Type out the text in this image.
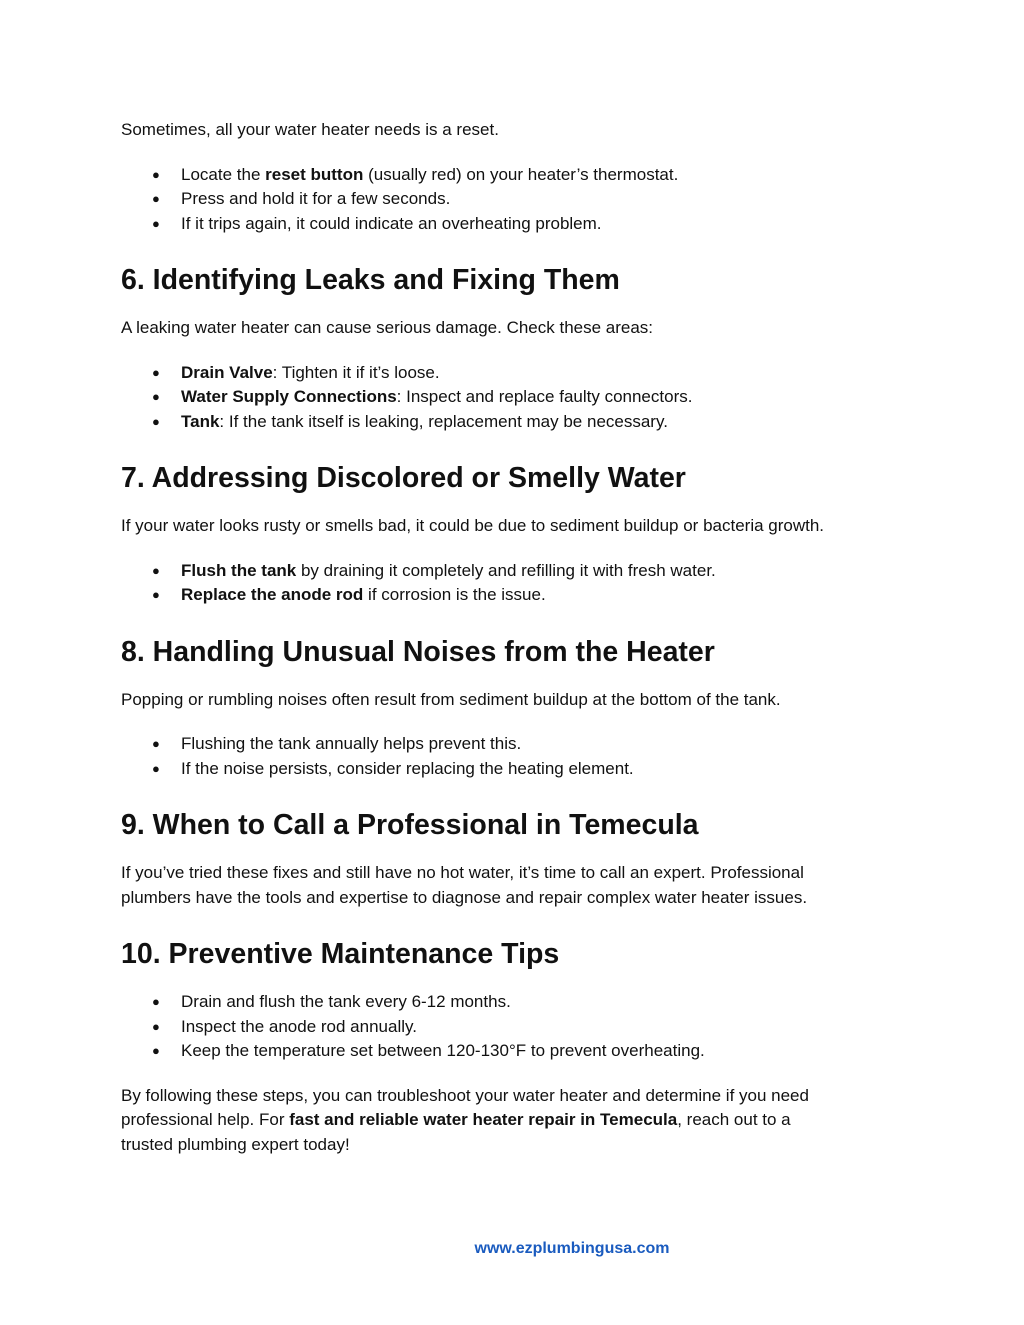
Sometimes, all your water heater needs is a reset.

● Locate the reset button (usually red) on your heater’s thermostat.
● Press and hold it for a few seconds.
● If it trips again, it could indicate an overheating problem.
6. Identifying Leaks and Fixing Them

A leaking water heater can cause serious damage. Check these areas:

● Drain Valve: Tighten it if it’s loose.
● Water Supply Connections: Inspect and replace faulty connectors.
● Tank: If the tank itself is leaking, replacement may be necessary.
7. Addressing Discolored or Smelly Water

If your water looks rusty or smells bad, it could be due to sediment buildup or bacteria growth.

● Flush the tank by draining it completely and refilling it with fresh water.
● Replace the anode rod if corrosion is the issue.
8. Handling Unusual Noises from the Heater

Popping or rumbling noises often result from sediment buildup at the bottom of the tank.

● Flushing the tank annually helps prevent this.
● If the noise persists, consider replacing the heating element.
9. When to Call a Professional in Temecula

If you’ve tried these fixes and still have no hot water, it’s time to call an expert. Professional
plumbers have the tools and expertise to diagnose and repair complex water heater issues.

10. Preventive Maintenance Tips
● Drain and flush the tank every 6-12 months.
● Inspect the anode rod annually.
● Keep the temperature set between 120-130°F to prevent overheating.

By following these steps, you can troubleshoot your water heater and determine if you need
professional help. For fast and reliable water heater repair in Temecula, reach out to a
trusted plumbing expert today!

www.ezplumbingusa.com
